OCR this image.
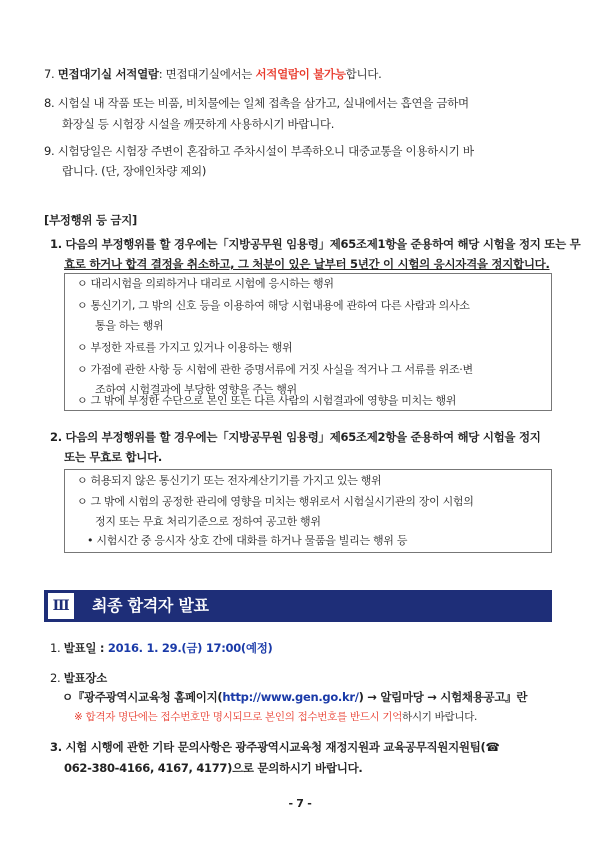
7. 면접대기실 서적열람: 면접대기실에서는 서적열람이 불가능합니다.
8. 시험실 내 작품 또는 비품, 비치물에는 일체 접촉을 삼가고, 실내에서는 흡연을 금하며
화장실 등 시험장 시설을 깨끗하게 사용하시기 바랍니다.
9. 시험당일은 시험장 주변이 혼잡하고 주차시설이 부족하오니 대중교통을 이용하시기 바
랍니다. (단, 장애인차량 제외)
[부정행위 등 금지]
1. 다음의 부정행위를 할 경우에는「지방공무원 임용령」제65조제1항을 준용하여 해당 시험을 정지 또는 무
효로 하거나 합격 결정을 취소하고, 그 처분이 있은 날부터 5년간 이 시험의 응시자격을 정지합니다.
ㅇ 대리시험을 의뢰하거나 대리로 시험에 응시하는 행위
ㅇ 통신기기, 그 밖의 신호 등을 이용하여 해당 시험내용에 관하여 다른 사람과 의사소
통을 하는 행위
ㅇ 부정한 자료를 가지고 있거나 이용하는 행위
ㅇ 가점에 관한 사항 등 시험에 관한 증명서류에 거짓 사실을 적거나 그 서류를 위조·변
조하여 시험결과에 부당한 영향을 주는 행위
ㅇ 그 밖에 부정한 수단으로 본인 또는 다른 사람의 시험결과에 영향을 미치는 행위
2. 다음의 부정행위를 할 경우에는「지방공무원 임용령」제65조제2항을 준용하여 해당 시험을 정지
또는 무효로 합니다.
ㅇ 허용되지 않은 통신기기 또는 전자계산기기를 가지고 있는 행위
ㅇ 그 밖에 시험의 공정한 관리에 영향을 미치는 행위로서 시험실시기관의 장이 시험의
정지 또는 무효 처리기준으로 정하여 공고한 행위
• 시험시간 중 응시자 상호 간에 대화를 하거나 물품을 빌리는 행위 등
Ⅲ 최종 합격자 발표
1. 발표일 : 2016. 1. 29.(금) 17:00(예정)
2. 발표장소
ㅇ『광주광역시교육청 홈페이지(http://www.gen.go.kr/) → 알림마당 → 시험채용공고』란
※ 합격자 명단에는 접수번호만 명시되므로 본인의 접수번호를 반드시 기억하시기 바랍니다.
3. 시험 시행에 관한 기타 문의사항은 광주광역시교육청 재정지원과 교육공무직원지원팀(☎
062-380-4166, 4167, 4177)으로 문의하시기 바랍니다.
- 7 -
